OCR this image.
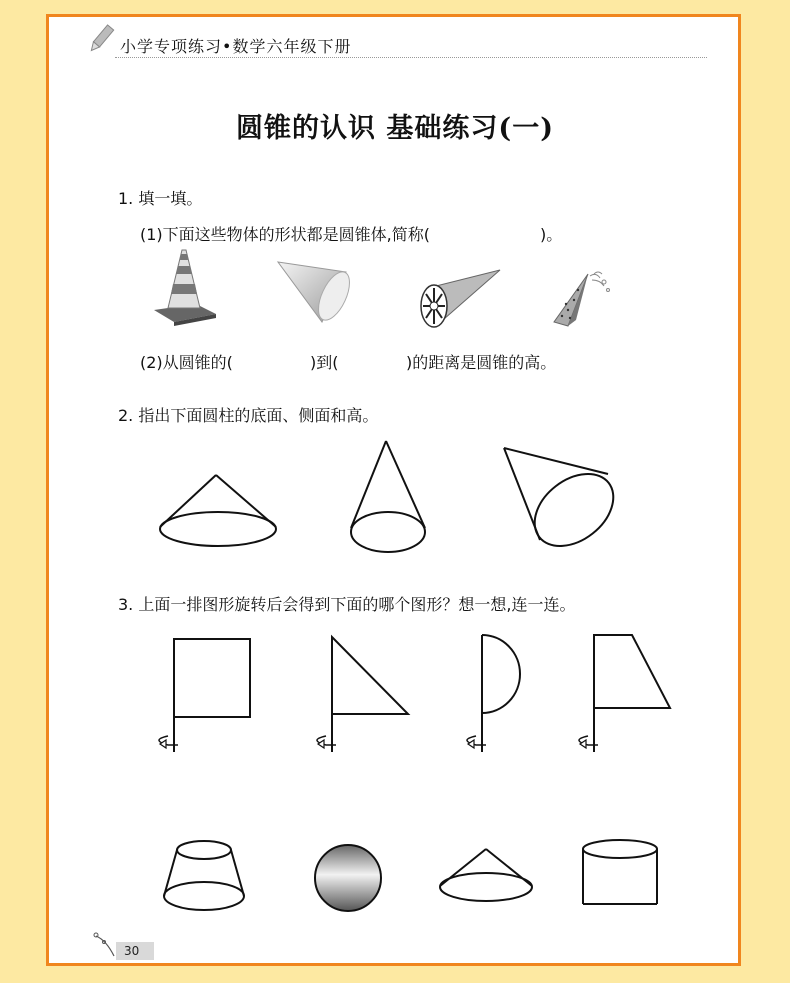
小学专项练习•数学六年级下册
圆锥的认识 基础练习(一)
1. 填一填。
(1)下面这些物体的形状都是圆锥体,简称(	)。
(2)从圆锥的(	)到(	)的距离是圆锥的高。
2. 指出下面圆柱的底面、侧面和高。
3. 上面一排图形旋转后会得到下面的哪个图形？想一想,连一连。
30
